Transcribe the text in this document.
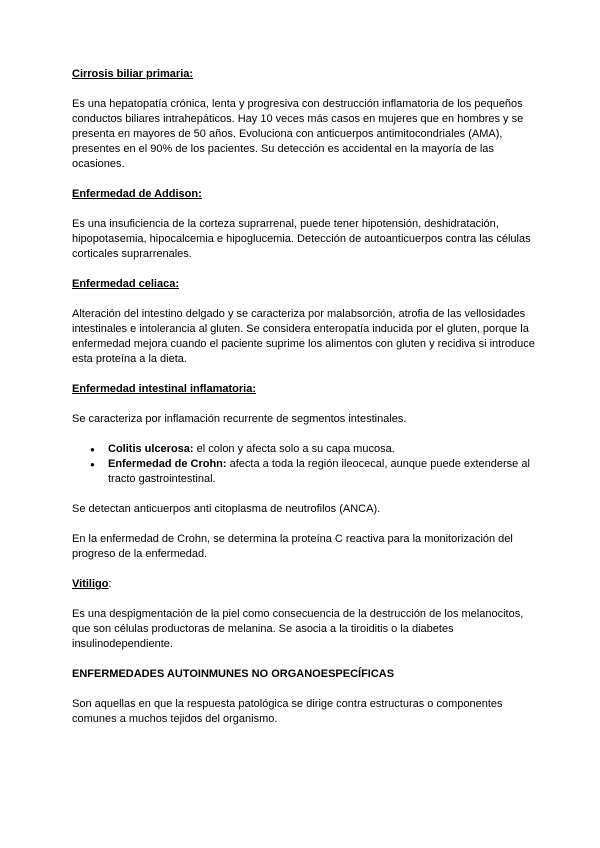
Cirrosis biliar primaria:

Es una hepatopatía crónica, lenta y progresiva con destrucción inflamatoria de los pequeños conductos biliares intrahepáticos. Hay 10 veces más casos en mujeres que en hombres y se presenta en mayores de 50 años. Evoluciona con anticuerpos antimitocondriales (AMA), presentes en el 90% de los pacientes. Su detección es accidental en la mayoría de las ocasiones.

Enfermedad de Addison:

Es una insuficiencia de la corteza suprarrenal, puede tener hipotensión, deshidratación, hipopotasemia, hipocalcemia e hipoglucemia. Detección de autoanticuerpos contra las células corticales suprarrenales.

Enfermedad celiaca:

Alteración del intestino delgado y se caracteriza por malabsorción, atrofia de las vellosidades intestinales e intolerancia al gluten. Se considera enteropatía inducida por el gluten, porque la enfermedad mejora cuando el paciente suprime los alimentos con gluten y recidiva si introduce esta proteína a la dieta.

Enfermedad intestinal inflamatoria:

Se caracteriza por inflamación recurrente de segmentos intestinales.

● Colitis ulcerosa: el colon y afecta solo a su capa mucosa.
● Enfermedad de Crohn: afecta a toda la región ileocecal, aunque puede extenderse al tracto gastrointestinal.

Se detectan anticuerpos anti citoplasma de neutrofilos (ANCA).

En la enfermedad de Crohn, se determina la proteína C reactiva para la monitorización del progreso de la enfermedad.

Vitiligo:

Es una despigmentación de la piel como consecuencia de la destrucción de los melanocitos, que son células productoras de melanina. Se asocia a la tiroiditis o la diabetes insulinodependiente.

ENFERMEDADES AUTOINMUNES NO ORGANOESPECÍFICAS

Son aquellas en que la respuesta patológica se dirige contra estructuras o componentes comunes a muchos tejidos del organismo.
